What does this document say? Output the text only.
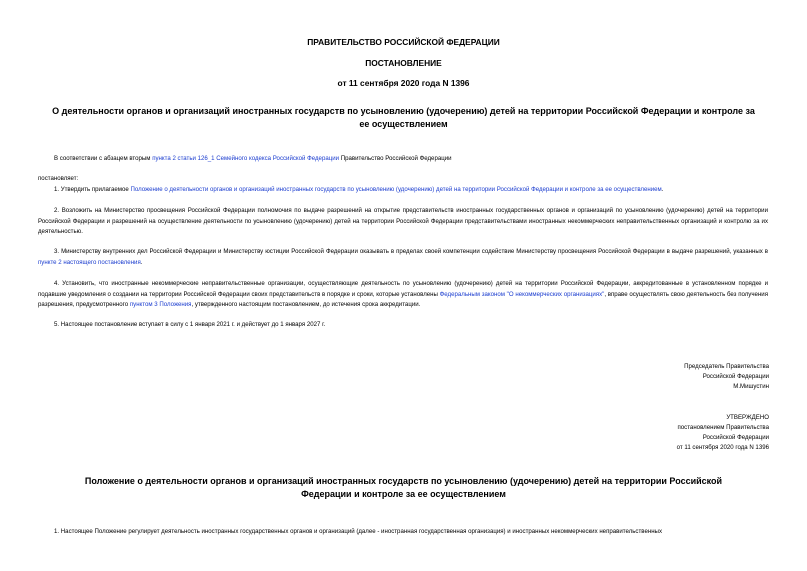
ПРАВИТЕЛЬСТВО РОССИЙСКОЙ ФЕДЕРАЦИИ
ПОСТАНОВЛЕНИЕ
от 11 сентября 2020 года N 1396
О деятельности органов и организаций иностранных государств по усыновлению (удочерению) детей на территории Российской Федерации и контроле за ее осуществлением
В соответствии с абзацем вторым пункта 2 статьи 126_1 Семейного кодекса Российской Федерации Правительство Российской Федерации
постановляет:
1. Утвердить прилагаемое Положение о деятельности органов и организаций иностранных государств по усыновлению (удочерению) детей на территории Российской Федерации и контроле за ее осуществлением.
2. Возложить на Министерство просвещения Российской Федерации полномочия по выдаче разрешений на открытие представительств иностранных государственных органов и организаций по усыновлению (удочерению) детей на территории Российской Федерации и разрешений на осуществление деятельности по усыновлению (удочерению) детей на территории Российской Федерации представительствами иностранных некоммерческих неправительственных организаций и контролю за их деятельностью.
3. Министерству внутренних дел Российской Федерации и Министерству юстиции Российской Федерации оказывать в пределах своей компетенции содействие Министерству просвещения Российской Федерации в выдаче разрешений, указанных в пункте 2 настоящего постановления.
4. Установить, что иностранные некоммерческие неправительственные организации, осуществляющие деятельность по усыновлению (удочерению) детей на территории Российской Федерации, аккредитованные в установленном порядке и подавшие уведомления о создании на территории Российской Федерации своих представительств в порядке и сроки, которые установлены Федеральным законом "О некоммерческих организациях", вправе осуществлять свою деятельность без получения разрешения, предусмотренного пунктом 3 Положения, утвержденного настоящим постановлением, до истечения срока аккредитации.
5. Настоящее постановление вступает в силу с 1 января 2021 г. и действует до 1 января 2027 г.
Председатель Правительства
Российской Федерации
М.Мишустин
УТВЕРЖДЕНО
постановлением Правительства
Российской Федерации
от 11 сентября 2020 года N 1396
Положение о деятельности органов и организаций иностранных государств по усыновлению (удочерению) детей на территории Российской Федерации и контроле за ее осуществлением
1. Настоящее Положение регулирует деятельность иностранных государственных органов и организаций (далее - иностранная государственная организация) и иностранных некоммерческих неправительственных
